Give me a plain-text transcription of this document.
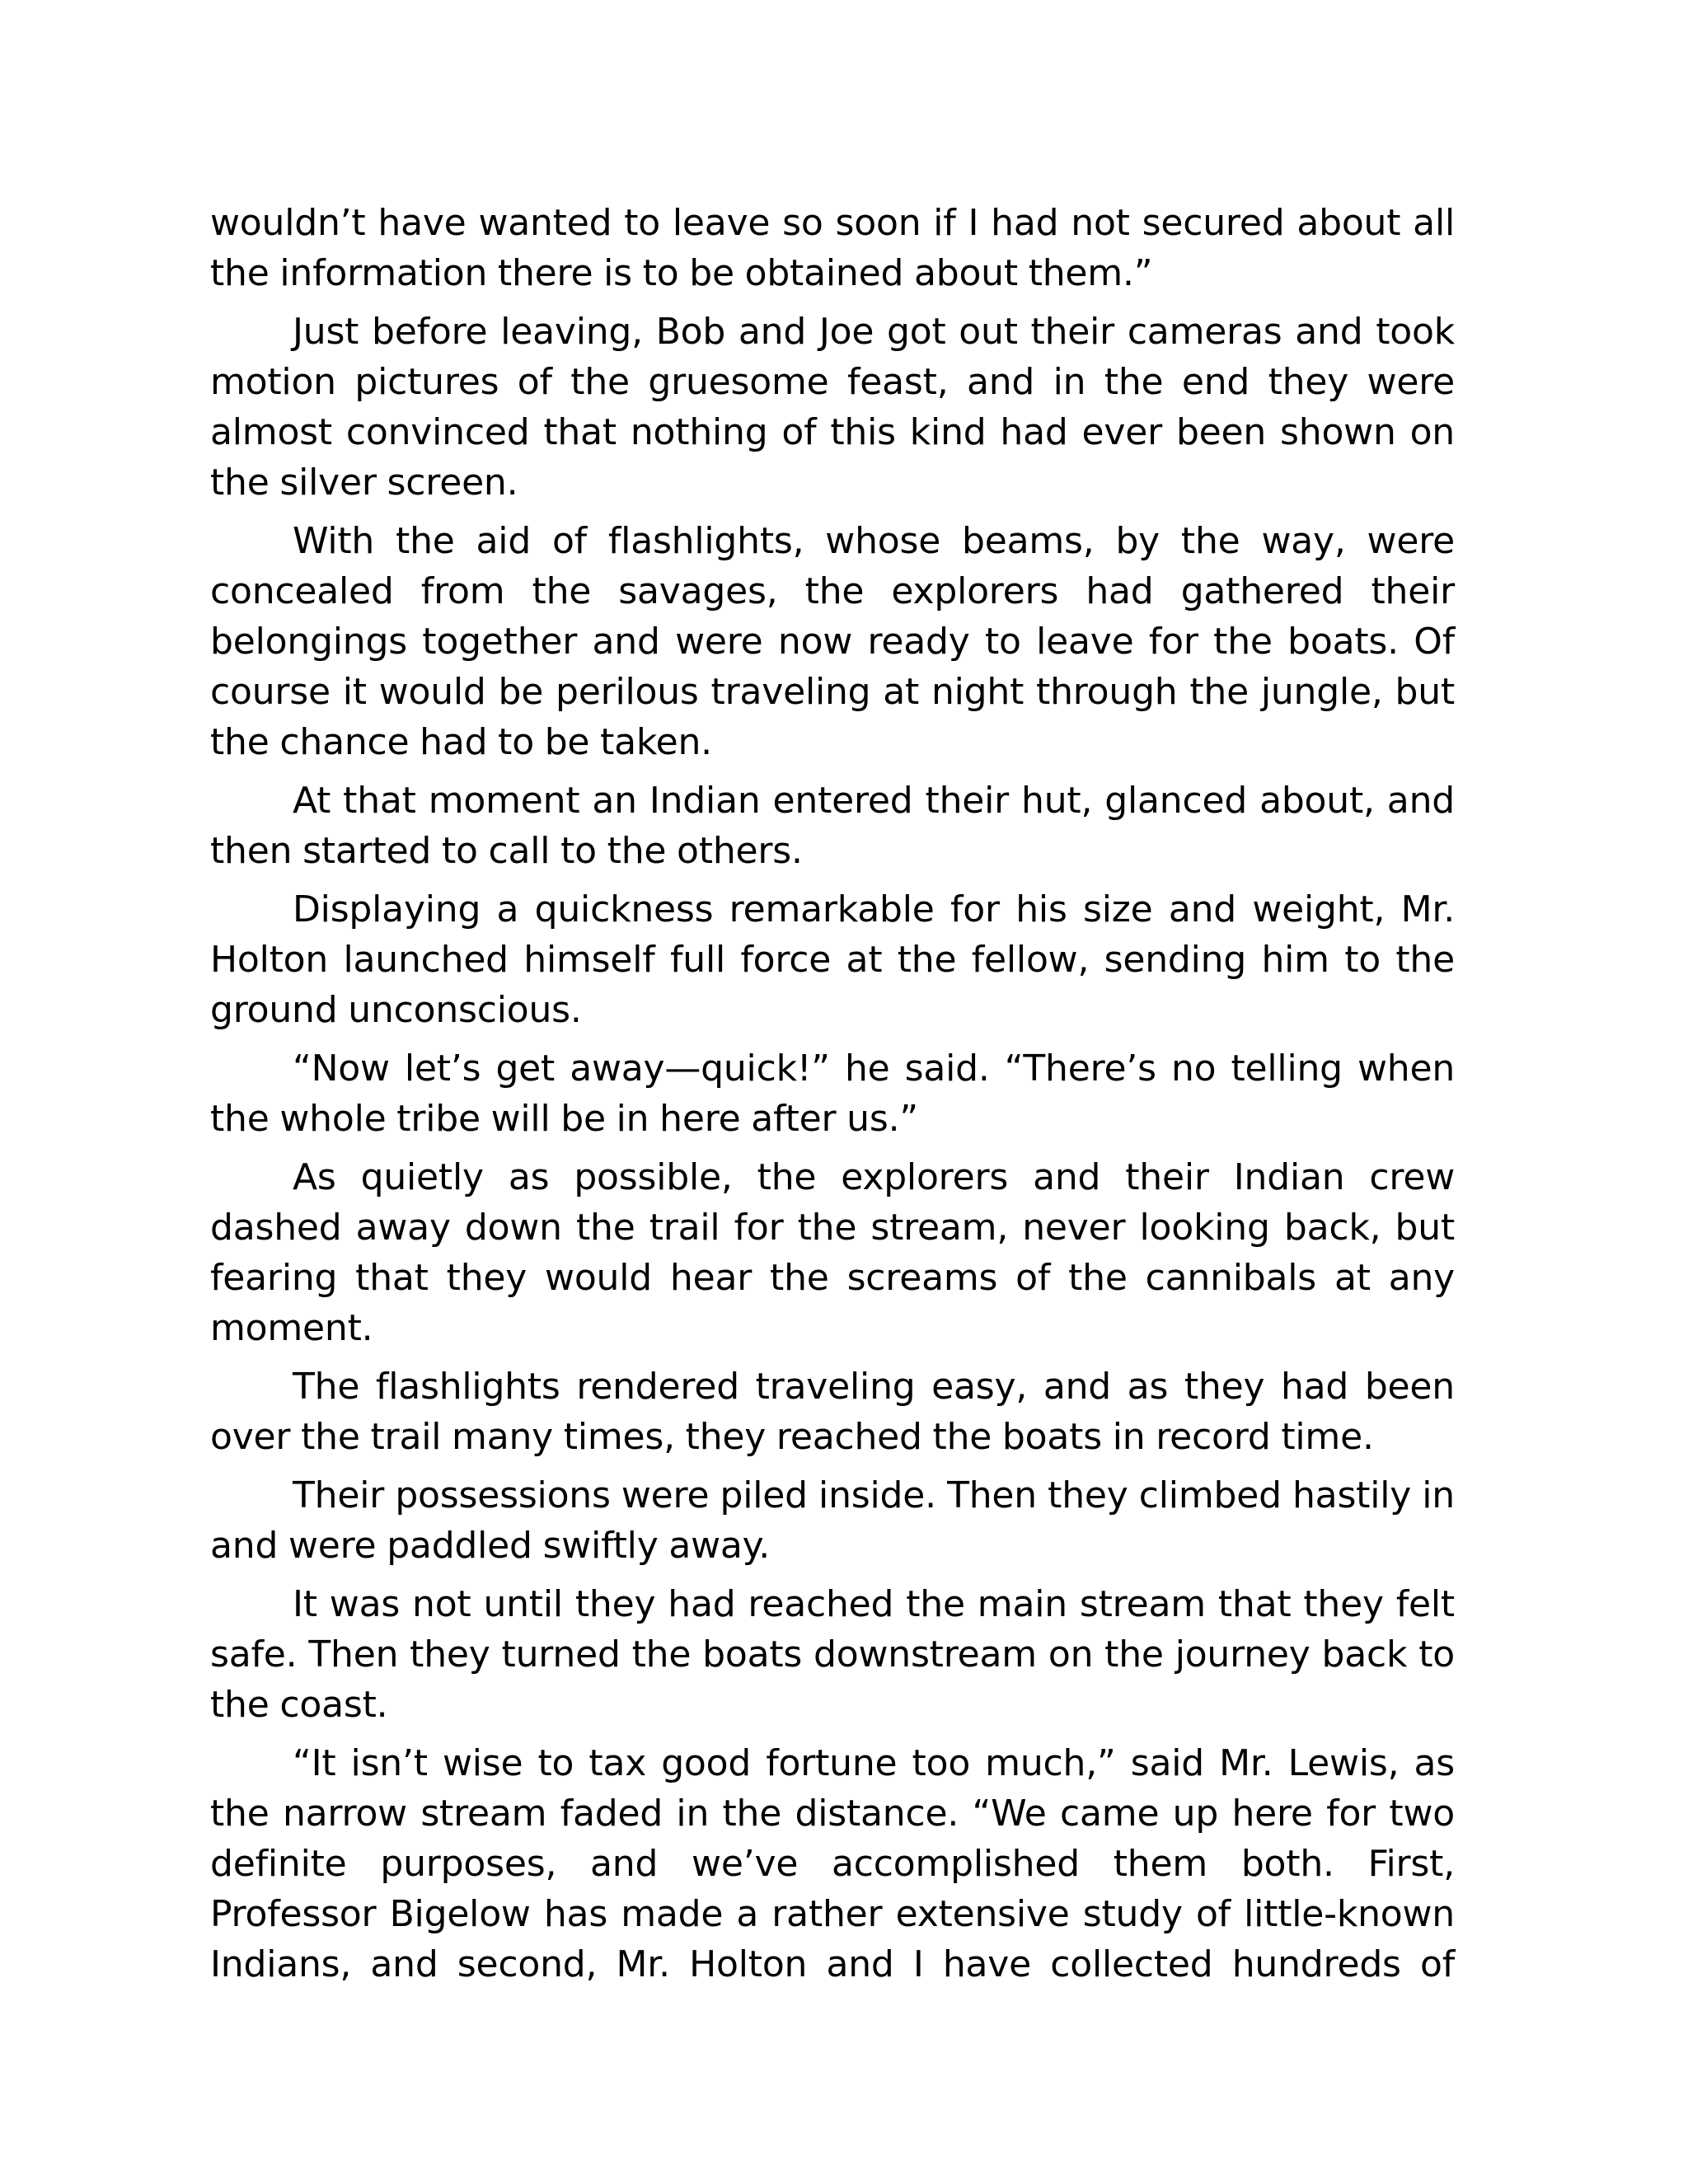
wouldn’t have wanted to leave so soon if I had not secured about all the information there is to be obtained about them.”

Just before leaving, Bob and Joe got out their cameras and took motion pictures of the gruesome feast, and in the end they were almost convinced that nothing of this kind had ever been shown on the silver screen.

With the aid of flashlights, whose beams, by the way, were concealed from the savages, the explorers had gathered their belongings together and were now ready to leave for the boats. Of course it would be perilous traveling at night through the jungle, but the chance had to be taken.

At that moment an Indian entered their hut, glanced about, and then started to call to the others.

Displaying a quickness remarkable for his size and weight, Mr. Holton launched himself full force at the fellow, sending him to the ground unconscious.

“Now let’s get away—quick!” he said. “There’s no telling when the whole tribe will be in here after us.”

As quietly as possible, the explorers and their Indian crew dashed away down the trail for the stream, never looking back, but fearing that they would hear the screams of the cannibals at any moment.

The flashlights rendered traveling easy, and as they had been over the trail many times, they reached the boats in record time.

Their possessions were piled inside. Then they climbed hastily in and were paddled swiftly away.

It was not until they had reached the main stream that they felt safe. Then they turned the boats downstream on the journey back to the coast.

“It isn’t wise to tax good fortune too much,” said Mr. Lewis, as the narrow stream faded in the distance. “We came up here for two definite purposes, and we’ve accomplished them both. First, Professor Bigelow has made a rather extensive study of little-known Indians, and second, Mr. Holton and I have collected hundreds of
